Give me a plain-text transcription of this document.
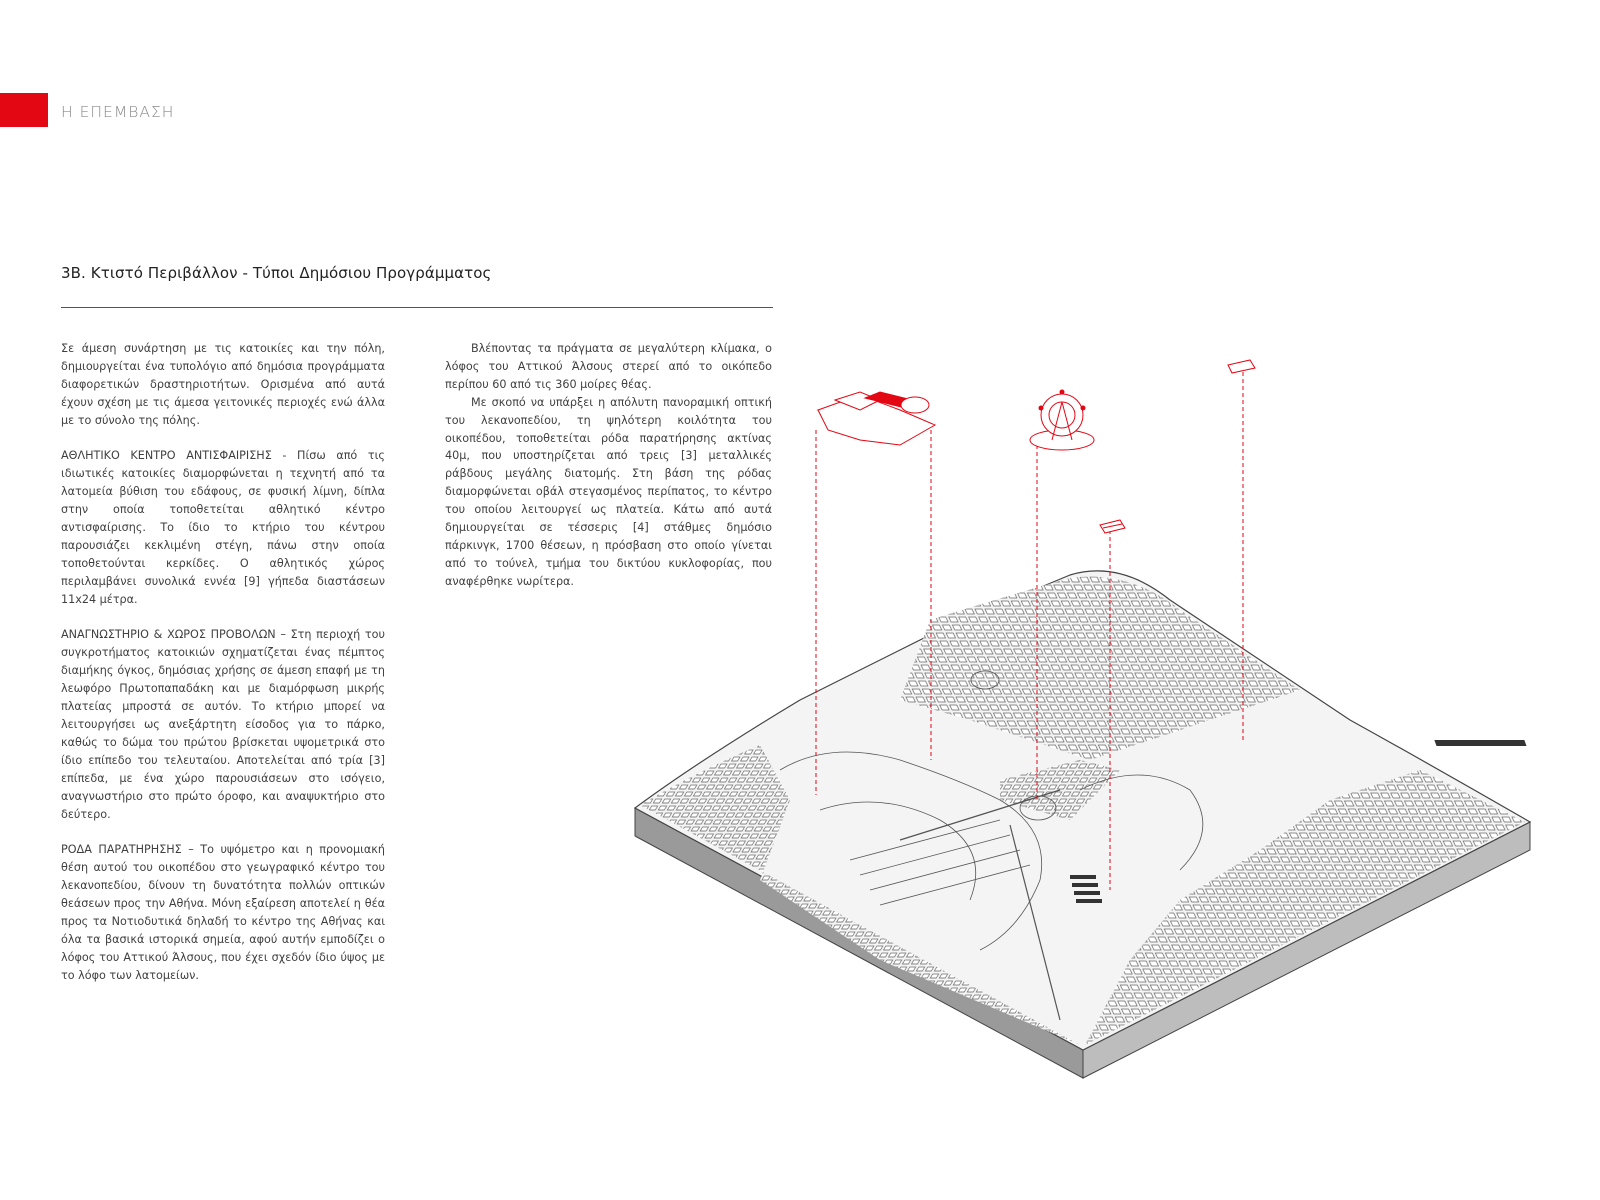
Η ΕΠΕΜΒΑΣΗ
3Β. Κτιστό Περιβάλλον - Τύποι Δημόσιου Προγράμματος

Σε άμεση συνάρτηση με τις κατοικίες και την πόλη, δημιουργείται ένα τυπολόγιο από δημόσια προγράμματα διαφορετικών δραστηριοτήτων. Ορισμένα από αυτά έχουν σχέση με τις άμεσα γειτονικές περιοχές ενώ άλλα με το σύνολο της πόλης.

ΑΘΛΗΤΙΚΟ ΚΕΝΤΡΟ ΑΝΤΙΣΦΑΙΡΙΣΗΣ - Πίσω από τις ιδιωτικές κατοικίες διαμορφώνεται η τεχνητή από τα λατομεία βύθιση του εδάφους, σε φυσική λίμνη, δίπλα στην οποία τοποθετείται αθλητικό κέντρο αντισφαίρισης. Το ίδιο το κτήριο του κέντρου παρουσιάζει κεκλιμένη στέγη, πάνω στην οποία τοποθετούνται κερκίδες. Ο αθλητικός χώρος περιλαμβάνει συνολικά εννέα [9] γήπεδα διαστάσεων 11x24 μέτρα.

ΑΝΑΓΝΩΣΤΗΡΙΟ & ΧΩΡΟΣ ΠΡΟΒΟΛΩΝ – Στη περιοχή του συγκροτήματος κατοικιών σχηματίζεται ένας πέμπτος διαμήκης όγκος, δημόσιας χρήσης σε άμεση επαφή με τη λεωφόρο Πρωτοπαπαδάκη και με διαμόρφωση μικρής πλατείας μπροστά σε αυτόν. Το κτήριο μπορεί να λειτουργήσει ως ανεξάρτητη είσοδος για το πάρκο, καθώς το δώμα του πρώτου βρίσκεται υψομετρικά στο ίδιο επίπεδο του τελευταίου. Αποτελείται από τρία [3] επίπεδα, με ένα χώρο παρουσιάσεων στο ισόγειο, αναγνωστήριο στο πρώτο όροφο, και αναψυκτήριο στο δεύτερο.

ΡΟΔΑ ΠΑΡΑΤΗΡΗΣΗΣ – Το υψόμετρο και η προνομιακή θέση αυτού του οικοπέδου στο γεωγραφικό κέντρο του λεκανοπεδίου, δίνουν τη δυνατότητα πολλών οπτικών θεάσεων προς την Αθήνα. Μόνη εξαίρεση αποτελεί η θέα προς τα Νοτιοδυτικά δηλαδή το κέντρο της Αθήνας και όλα τα βασικά ιστορικά σημεία, αφού αυτήν εμποδίζει ο λόφος του Αττικού Άλσους, που έχει σχεδόν ίδιο ύψος με το λόφο των λατομείων.

Βλέποντας τα πράγματα σε μεγαλύτερη κλίμακα, ο λόφος του Αττικού Άλσους στερεί από το οικόπεδο περίπου 60 από τις 360 μοίρες θέας.

Με σκοπό να υπάρξει η απόλυτη πανοραμική οπτική του λεκανοπεδίου, τη ψηλότερη κοιλότητα του οικοπέδου, τοποθετείται ρόδα παρατήρησης ακτίνας 40μ, που υποστηρίζεται από τρεις [3] μεταλλικές ράβδους μεγάλης διατομής. Στη βάση της ρόδας διαμορφώνεται οβάλ στεγασμένος περίπατος, το κέντρο του οποίου λειτουργεί ως πλατεία. Κάτω από αυτά δημιουργείται σε τέσσερις [4] στάθμες δημόσιο πάρκινγκ, 1700 θέσεων, η πρόσβαση στο οποίο γίνεται από το τούνελ, τμήμα του δικτύου κυκλοφορίας, που αναφέρθηκε νωρίτερα.
